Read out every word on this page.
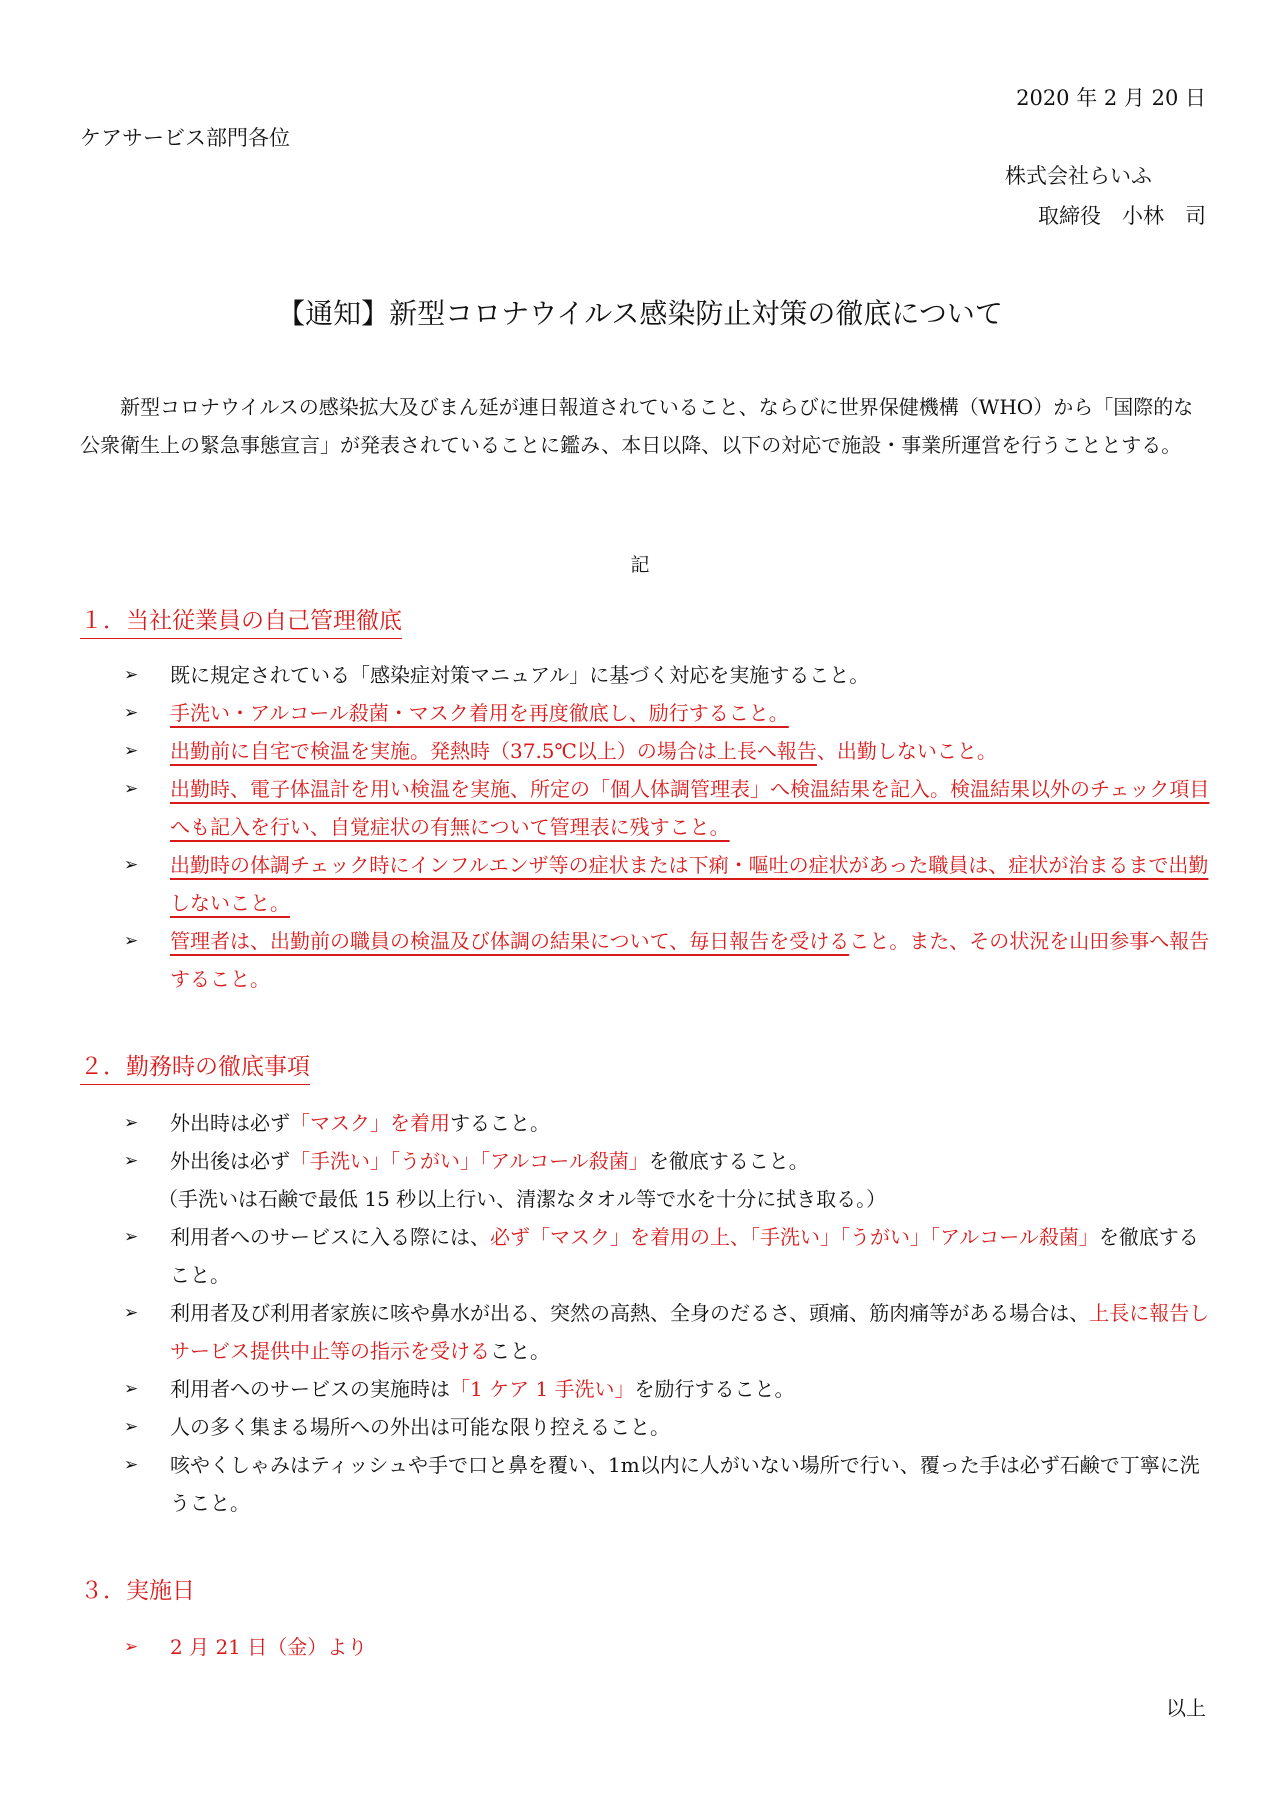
2020 年 2 月 20 日
ケアサービス部門各位
株式会社らいふ
取締役　小林　司
【通知】新型コロナウイルス感染防止対策の徹底について
新型コロナウイルスの感染拡大及びまん延が連日報道されていること、ならびに世界保健機構（WHO）から「国際的な公衆衛生上の緊急事態宣言」が発表されていることに鑑み、本日以降、以下の対応で施設・事業所運営を行うこととする。
記
１．当社従業員の自己管理徹底
➢ 既に規定されている「感染症対策マニュアル」に基づく対応を実施すること。
➢ 手洗い・アルコール殺菌・マスク着用を再度徹底し、励行すること。
➢ 出勤前に自宅で検温を実施。発熱時（37.5℃以上）の場合は上長へ報告、出勤しないこと。
➢ 出勤時、電子体温計を用い検温を実施、所定の「個人体調管理表」へ検温結果を記入。検温結果以外のチェック項目へも記入を行い、自覚症状の有無について管理表に残すこと。
➢ 出勤時の体調チェック時にインフルエンザ等の症状または下痢・嘔吐の症状があった職員は、症状が治まるまで出勤しないこと。
➢ 管理者は、出勤前の職員の検温及び体調の結果について、毎日報告を受けること。また、その状況を山田参事へ報告すること。
２．勤務時の徹底事項
➢ 外出時は必ず「マスク」を着用すること。
➢ 外出後は必ず「手洗い」「うがい」「アルコール殺菌」を徹底すること。
（手洗いは石鹸で最低 15 秒以上行い、清潔なタオル等で水を十分に拭き取る。）
➢ 利用者へのサービスに入る際には、必ず「マスク」を着用の上、「手洗い」「うがい」「アルコール殺菌」を徹底すること。
➢ 利用者及び利用者家族に咳や鼻水が出る、突然の高熱、全身のだるさ、頭痛、筋肉痛等がある場合は、上長に報告しサービス提供中止等の指示を受けること。
➢ 利用者へのサービスの実施時は「1 ケア 1 手洗い」を励行すること。
➢ 人の多く集まる場所への外出は可能な限り控えること。
➢ 咳やくしゃみはティッシュや手で口と鼻を覆い、1m以内に人がいない場所で行い、覆った手は必ず石鹸で丁寧に洗うこと。
３．実施日
➢ 2 月 21 日（金）より
以上
